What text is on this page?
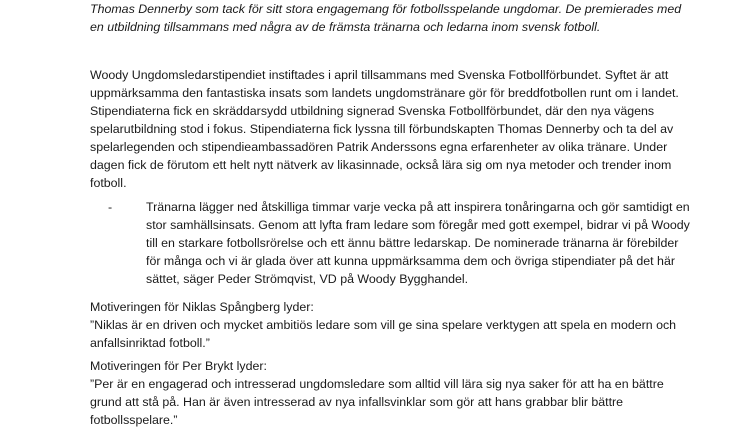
Thomas Dennerby som tack för sitt stora engagemang för fotbollsspelande ungdomar. De premierades med en utbildning tillsammans med några av de främsta tränarna och ledarna inom svensk fotboll.

Woody Ungdomsledarstipendiet instiftades i april tillsammans med Svenska Fotbollförbundet. Syftet är att uppmärksamma den fantastiska insats som landets ungdomstränare gör för breddfotbollen runt om i landet. Stipendiaterna fick en skräddarsydd utbildning signerad Svenska Fotbollförbundet, där den nya vägens spelarutbildning stod i fokus. Stipendiaterna fick lyssna till förbundskapten Thomas Dennerby och ta del av spelarlegenden och stipendieambassadören Patrik Anderssons egna erfarenheter av olika tränare. Under dagen fick de förutom ett helt nytt nätverk av likasinnade, också lära sig om nya metoder och trender inom fotboll.

-	Tränarna lägger ned åtskilliga timmar varje vecka på att inspirera tonåringarna och gör samtidigt en stor samhällsinsats. Genom att lyfta fram ledare som föregår med gott exempel, bidrar vi på Woody till en starkare fotbollsrörelse och ett ännu bättre ledarskap. De nominerade tränarna är förebilder för många och vi är glada över att kunna uppmärksamma dem och övriga stipendiater på det här sättet, säger Peder Strömqvist, VD på Woody Bygghandel.

Motiveringen för Niklas Spångberg lyder:

”Niklas är en driven och mycket ambitiös ledare som vill ge sina spelare verktygen att spela en modern och anfallsinriktad fotboll.”

Motiveringen för Per Brykt lyder:

”Per är en engagerad och intresserad ungdomsledare som alltid vill lära sig nya saker för att ha en bättre grund att stå på. Han är även intresserad av nya infallsvinklar som gör att hans grabbar blir bättre fotbollsspelare.”
